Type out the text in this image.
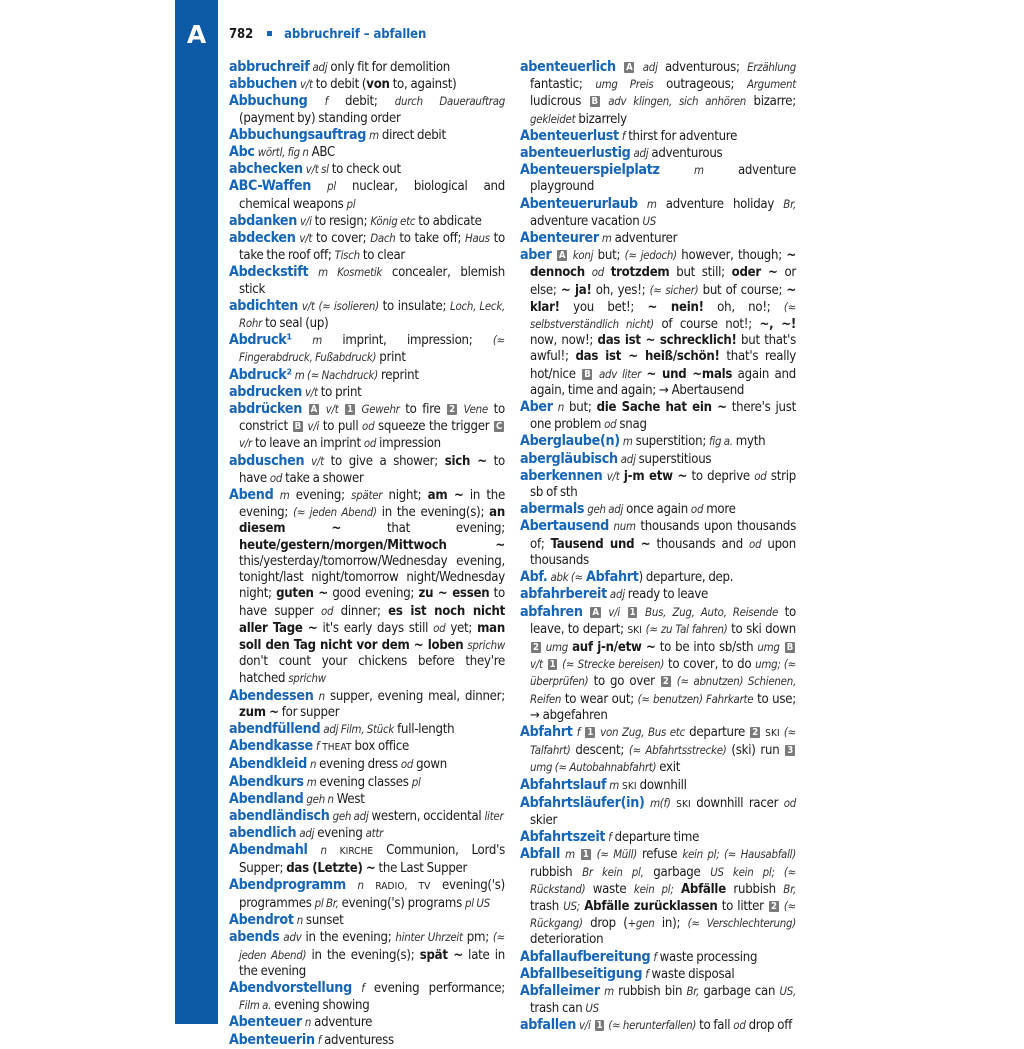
A	782 abbruchreif – abfallen
abbruchreif adj only fit for demolition
abbuchen v/t to debit (von to, against)
Abbuchung f debit; durch Dauerauftrag (payment by) standing order
Abbuchungsauftrag m direct debit
Abc wörtl, fig n ABC
abchecken v/t sl to check out
ABC-Waffen pl nuclear, biological and chemical weapons pl
abdanken v/i to resign; König etc to abdicate
abdecken v/t to cover; Dach to take off; Haus to take the roof off; Tisch to clear
Abdeckstift m Kosmetik concealer, blemish stick
abdichten v/t (≈ isolieren) to insulate; Loch, Leck, Rohr to seal (up)
Abdruck¹ m imprint, impression; (≈ Fingerabdruck, Fußabdruck) print
Abdruck² m (≈ Nachdruck) reprint
abdrucken v/t to print
abdrücken A v/t 1 Gewehr to fire 2 Vene to constrict B v/i to pull od squeeze the trigger C v/r to leave an imprint od impression
abduschen v/t to give a shower; sich ~ to have od take a shower
Abend m evening; später night; am ~ in the evening; (≈ jeden Abend) in the evening(s); an diesem ~ that evening; heute/gestern/morgen/Mittwoch ~ this/yesterday/tomorrow/Wednesday evening, tonight/last night/tomorrow night/Wednesday night; guten ~ good evening; zu ~ essen to have supper od dinner; es ist noch nicht aller Tage ~ it's early days still od yet; man soll den Tag nicht vor dem ~ loben sprichw don't count your chickens before they're hatched sprichw
Abendessen n supper, evening meal, dinner; zum ~ for supper
abendfüllend adj Film, Stück full-length
Abendkasse f THEAT box office
Abendkleid n evening dress od gown
Abendkurs m evening classes pl
Abendland geh n West
abendländisch geh adj western, occidental liter
abendlich adj evening attr
Abendmahl n KIRCHE Communion, Lord's Supper; das (Letzte) ~ the Last Supper
Abendprogramm n RADIO, TV evening('s) programmes pl Br, evening('s) programs pl US
Abendrot n sunset
abends adv in the evening; hinter Uhrzeit pm; (≈ jeden Abend) in the evening(s); spät ~ late in the evening
Abendvorstellung f evening performance; Film a. evening showing
Abenteuer n adventure
Abenteuerin f adventuress
abenteuerlich A adj adventurous; Erzählung fantastic; umg Preis outrageous; Argument ludicrous B adv klingen, sich anhören bizarre; gekleidet bizarrely
Abenteuerlust f thirst for adventure
abenteuerlustig adj adventurous
Abenteuerspielplatz	m adventure playground
Abenteuerurlaub m adventure holiday Br, adventure vacation US
Abenteurer m adventurer
aber A konj but; (≈ jedoch) however, though; ~ dennoch od trotzdem but still; oder ~ or else; ~ ja! oh, yes!; (≈ sicher) but of course; ~ klar! you bet!; ~ nein! oh, no!; (≈ selbstverständlich nicht) of course not!; ~, ~! now, now!; das ist ~ schrecklich! but that's awful!; das ist ~ heiß/schön! that's really hot/nice B adv liter ~ und ~mals again and again, time and again; → Abertausend
Aber n but; die Sache hat ein ~ there's just one problem od snag
Aberglaube(n) m superstition; fig a. myth
abergläubisch adj superstitious
aberkennen v/t j-m etw ~ to deprive od strip sb of sth
abermals geh adj once again od more
Abertausend num thousands upon thousands of; Tausend und ~ thousands and od upon thousands
Abf. abk (≈ Abfahrt) departure, dep.
abfahrbereit adj ready to leave
abfahren A v/i 1 Bus, Zug, Auto, Reisende to leave, to depart; SKI (≈ zu Tal fahren) to ski down 2 umg auf j-n/etw ~ to be into sb/sth umg B v/t 1 (≈ Strecke bereisen) to cover, to do umg; (≈ überprüfen) to go over 2 (≈ abnutzen) Schienen, Reifen to wear out; (≈ benutzen) Fahrkarte to use; → abgefahren
Abfahrt f 1 von Zug, Bus etc departure 2 SKI (≈ Talfahrt) descent; (≈ Abfahrtsstrecke) (ski) run 3 umg (≈ Autobahnabfahrt) exit
Abfahrtslauf m SKI downhill
Abfahrtsläufer(in) m(f) SKI downhill racer od skier
Abfahrtszeit f departure time
Abfall m 1 (≈ Müll) refuse kein pl; (≈ Hausabfall) rubbish Br kein pl, garbage US kein pl; (≈ Rückstand) waste kein pl; Abfälle rubbish Br, trash US; Abfälle zurücklassen to litter 2 (≈ Rückgang) drop (+gen in); (≈ Verschlechterung) deterioration
Abfallaufbereitung f waste processing
Abfallbeseitigung f waste disposal
Abfalleimer m rubbish bin Br, garbage can US, trash can US
abfallen v/i 1 (≈ herunterfallen) to fall od drop off
